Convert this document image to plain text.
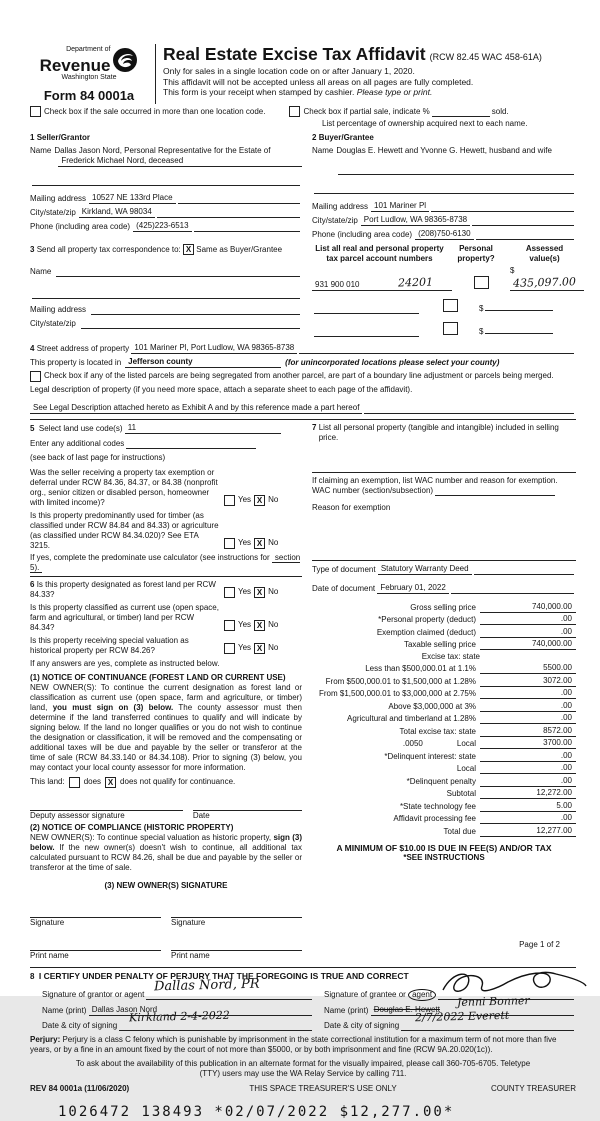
Department of
Revenue
Washington State
Form 84 0001a
Real Estate Excise Tax Affidavit (RCW 82.45 WAC 458-61A)
Only for sales in a single location code on or after January 1, 2020.
This affidavit will not be accepted unless all areas on all pages are fully completed.
This form is your receipt when stamped by cashier. Please type or print.
Check box if the sale occurred in more than one location code.	Check box if partial sale, indicate %	sold.
List percentage of ownership acquired next to each name.
1 Seller/Grantor
Name Dallas Jason Nord, Personal Representative for the Estate of
Frederick Michael Nord, deceased
Mailing address 10527 NE 133rd Place
City/state/zip Kirkland, WA 98034
Phone (including area code) (425)223-6513
2 Buyer/Grantee
Name Douglas E. Hewett and Yvonne G. Hewett, husband and wife
Mailing address 101 Mariner Pl
City/state/zip Port Ludlow, WA 98365-8738
Phone (including area code) (208)750-6130
3
Send all property tax correspondence to:
X
Same as Buyer/Grantee
Name
Mailing address
City/state/zip
List all real and personal property
tax parcel account numbers
Personal
property?
Assessed
value(s)
931 900 010	24201
$435,097.00
$
$
4
Street address of property
101 Mariner Pl, Port Ludlow, WA 98365-8738
This property is located in Jefferson county	(for unincorporated locations please select your county)
Check box if any of the listed parcels are being segregated from another parcel, are part of a boundary line adjustment or parcels being merged.
Legal description of property (if you need more space, attach a separate sheet to each page of the affidavit).
See Legal Description attached hereto as Exhibit A and by this reference made a part hereof
5
Select land use code(s)
11
Enter any additional codes
(see back of last page for instructions)
Was the seller receiving a property tax exemption or deferral under RCW 84.36, 84.37, or 84.38 (nonprofit org., senior citizen or disabled person, homeowner with limited income)?	Yes X No
Is this property predominantly used for timber (as classified under RCW 84.84 and 84.33) or agriculture (as classified under RCW 84.34.020)? See ETA 3215.	Yes X No
If yes, complete the predominate use calculator (see instructions for section 5).
6 Is this property designated as forest land per RCW 84.33?	Yes X No
Is this property classified as current use (open space, farm and agricultural, or timber) land per RCW 84.34?	Yes X No
Is this property receiving special valuation as historical property per RCW 84.26?	Yes X No
If any answers are yes, complete as instructed below.
(1) NOTICE OF CONTINUANCE (FOREST LAND OR CURRENT USE)
NEW OWNER(S): To continue the current designation as forest land or classification as current use (open space, farm and agriculture, or timber) land, you must sign on (3) below. The county assessor must then determine if the land transferred continues to qualify and will indicate by signing below. If the land no longer qualifies or you do not wish to continue the designation or classification, it will be removed and the compensating or additional taxes will be due and payable by the seller or transferor at the time of sale (RCW 84.33.140 or 84.34.108). Prior to signing (3) below, you may contact your local county assessor for more information.
This land: does X does not qualify for continuance.
Deputy assessor signature	Date
(2) NOTICE OF COMPLIANCE (HISTORIC PROPERTY)
NEW OWNER(S): To continue special valuation as historic property, sign (3) below. If the new owner(s) doesn't wish to continue, all additional tax calculated pursuant to RCW 84.26, shall be due and payable by the seller or transferor at the time of sale.
(3) NEW OWNER(S) SIGNATURE
Signature	Signature
Print name	Print name
7
List all personal property (tangible and intangible) included in selling price.
If claiming an exemption, list WAC number and reason for exemption.
WAC number (section/subsection)
Reason for exemption
Type of document
Statutory Warranty Deed
Date of document
February 01, 2022
Gross selling price	740,000.00
*Personal property (deduct)	.00
Exemption claimed (deduct)	.00
Taxable selling price	740,000.00
Excise tax: state
Less than $500,000.01 at 1.1%	5500.00
From $500,000.01 to $1,500,000 at 1.28%	3072.00
From $1,500,000.01 to $3,000,000 at 2.75%	.00
Above $3,000,000 at 3%	.00
Agricultural and timberland at 1.28%	.00
Total excise tax: state	8572.00
.0050	Local	3700.00
*Delinquent interest: state	.00
Local	.00
*Delinquent penalty	.00
Subtotal	12,272.00
*State technology fee	5.00
Affidavit processing fee	.00
Total due	12,277.00
A MINIMUM OF $10.00 IS DUE IN FEE(S) AND/OR TAX
*SEE INSTRUCTIONS
8 I CERTIFY UNDER PENALTY OF PERJURY THAT THE FOREGOING IS TRUE AND CORRECT
Signature of grantor or agent
Dallas Nord, PR
Name (print)
Dallas Jason Nord
Date & city of signing
Kirkland 2-4-2022
Signature of grantee or agent
Name (print)
Douglas E. Hewett
Jenni Bonner
Date & city of signing
2/7/2022 Everett
Perjury: Perjury is a class C felony which is punishable by imprisonment in the state correctional institution for a maximum term of not more than five years, or by a fine in an amount fixed by the court of not more than $5000, or by both imprisonment and fine (RCW 9A.20.020(1c)).
To ask about the availability of this publication in an alternate format for the visually impaired, please call 360-705-6705. Teletype
(TTY) users may use the WA Relay Service by calling 711.
REV 84 0001a (11/06/2020)	THIS SPACE TREASURER'S USE ONLY	COUNTY TREASURER
1026472 138493 *02/07/2022 $12,277.00*
Page 1 of 2
